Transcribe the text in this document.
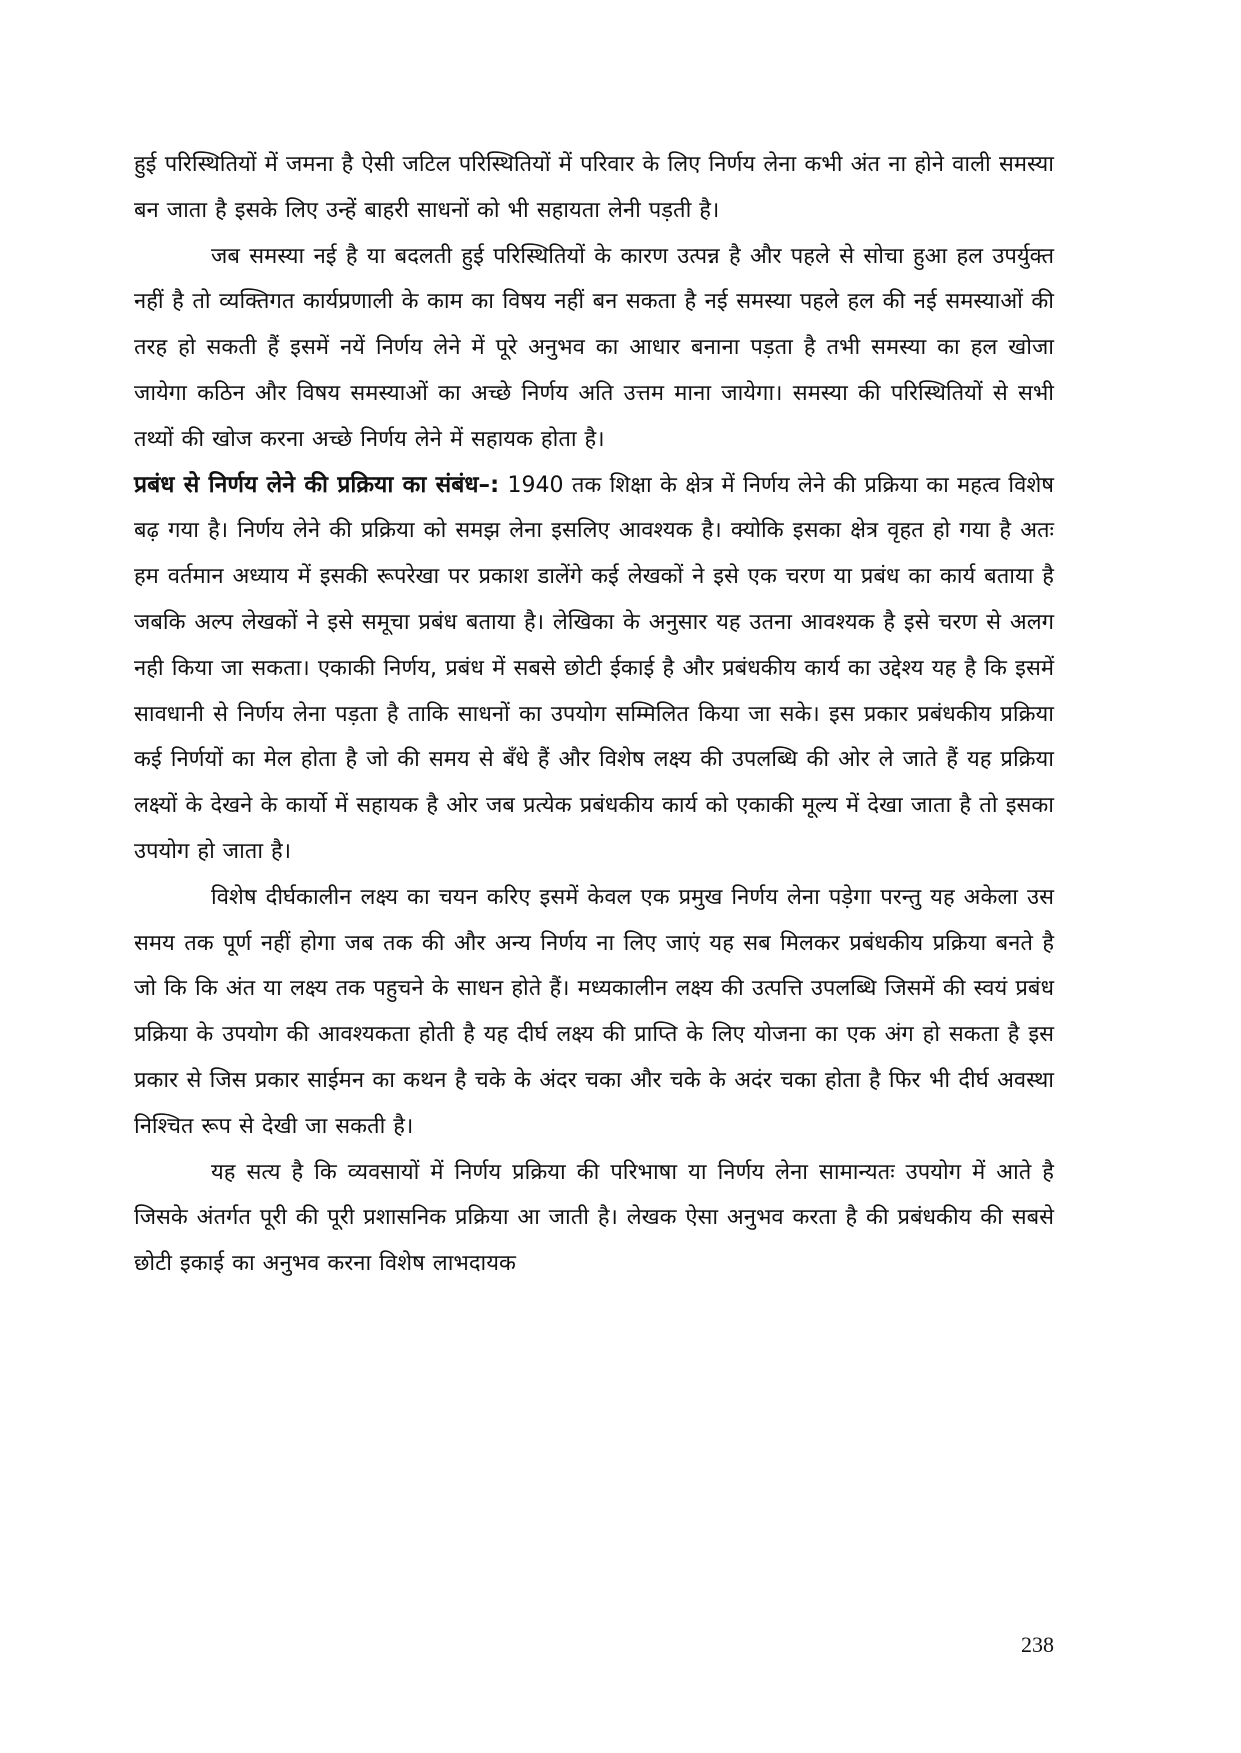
हुई परिस्थितियों में जमना है ऐसी जटिल परिस्थितियों में परिवार के लिए निर्णय लेना कभी अंत ना होने वाली समस्या बन जाता है इसके लिए उन्हें बाहरी साधनों को भी सहायता लेनी पड़ती है।

जब समस्या नई है या बदलती हुई परिस्थितियों के कारण उत्पन्न है और पहले से सोचा हुआ हल उपर्युक्त नहीं है तो व्यक्तिगत कार्यप्रणाली के काम का विषय नहीं बन सकता है नई समस्या पहले हल की नई समस्याओं की तरह हो सकती हैं इसमें नयें निर्णय लेने में पूरे अनुभव का आधार बनाना पड़ता है तभी समस्या का हल खोजा जायेगा कठिन और विषय समस्याओं का अच्छे निर्णय अति उत्तम माना जायेगा। समस्या की परिस्थितियों से सभी तथ्यों की खोज करना अच्छे निर्णय लेने में सहायक होता है।

प्रबंध से निर्णय लेने की प्रक्रिया का संबंध–: 1940 तक शिक्षा के क्षेत्र में निर्णय लेने की प्रक्रिया का महत्व विशेष बढ़ गया है। निर्णय लेने की प्रक्रिया को समझ लेना इसलिए आवश्यक है। क्योकि इसका क्षेत्र वृहत हो गया है अतः हम वर्तमान अध्याय में इसकी रूपरेखा पर प्रकाश डालेंगे कई लेखकों ने इसे एक चरण या प्रबंध का कार्य बताया है जबकि अल्प लेखकों ने इसे समूचा प्रबंध बताया है। लेखिका के अनुसार यह उतना आवश्यक है इसे चरण से अलग नही किया जा सकता। एकाकी निर्णय, प्रबंध में सबसे छोटी ईकाई है और प्रबंधकीय कार्य का उद्देश्य यह है कि इसमें सावधानी से निर्णय लेना पड़ता है ताकि साधनों का उपयोग सम्मिलित किया जा सके। इस प्रकार प्रबंधकीय प्रक्रिया कई निर्णयों का मेल होता है जो की समय से बँधे हैं और विशेष लक्ष्य की उपलब्धि की ओर ले जाते हैं यह प्रक्रिया लक्ष्यों के देखने के कार्यो में सहायक है ओर जब प्रत्येक प्रबंधकीय कार्य को एकाकी मूल्य में देखा जाता है तो इसका उपयोग हो जाता है।

विशेष दीर्घकालीन लक्ष्य का चयन करिए इसमें केवल एक प्रमुख निर्णय लेना पड़ेगा परन्तु यह अकेला उस समय तक पूर्ण नहीं होगा जब तक की और अन्य निर्णय ना लिए जाएं यह सब मिलकर प्रबंधकीय प्रक्रिया बनते है जो कि कि अंत या लक्ष्य तक पहुचने के साधन होते हैं। मध्यकालीन लक्ष्य की उत्पत्ति उपलब्धि जिसमें की स्वयं प्रबंध प्रक्रिया के उपयोग की आवश्यकता होती है यह दीर्घ लक्ष्य की प्राप्ति के लिए योजना का एक अंग हो सकता है इस प्रकार से जिस प्रकार साईमन का कथन है चके के अंदर चका और चके के अदंर चका होता है फिर भी दीर्घ अवस्था निश्चित रूप से देखी जा सकती है।

यह सत्य है कि व्यवसायों में निर्णय प्रक्रिया की परिभाषा या निर्णय लेना सामान्यतः उपयोग में आते है जिसके अंतर्गत पूरी की पूरी प्रशासनिक प्रक्रिया आ जाती है। लेखक ऐसा अनुभव करता है की प्रबंधकीय की सबसे छोटी इकाई का अनुभव करना विशेष लाभदायक

238
